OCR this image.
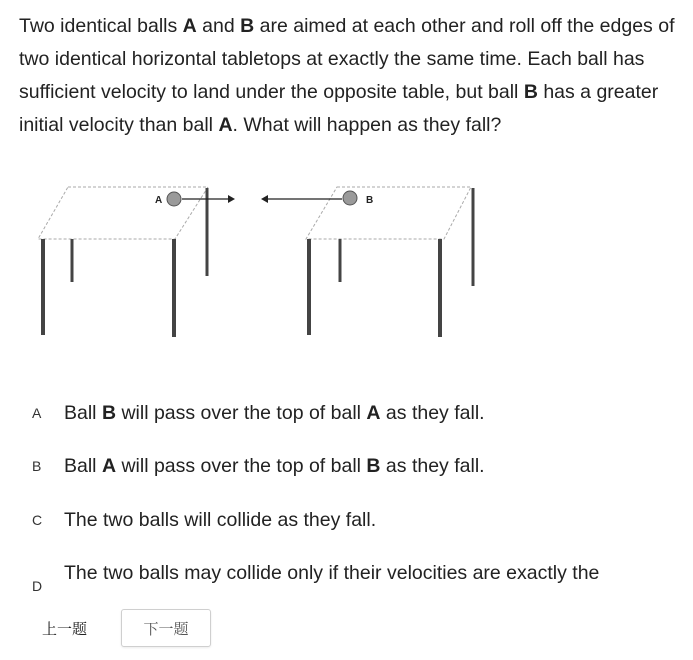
Two identical balls A and B are aimed at each other and roll off the edges of two identical horizontal tabletops at exactly the same time. Each ball has sufficient velocity to land under the opposite table, but ball B has a greater initial velocity than ball A. What will happen as they fall?
A	B
A Ball B will pass over the top of ball A as they fall.
B Ball A will pass over the top of ball B as they fall.
C The two balls will collide as they fall.
D
The two balls may collide only if their velocities are exactly the
上一题	下一题
